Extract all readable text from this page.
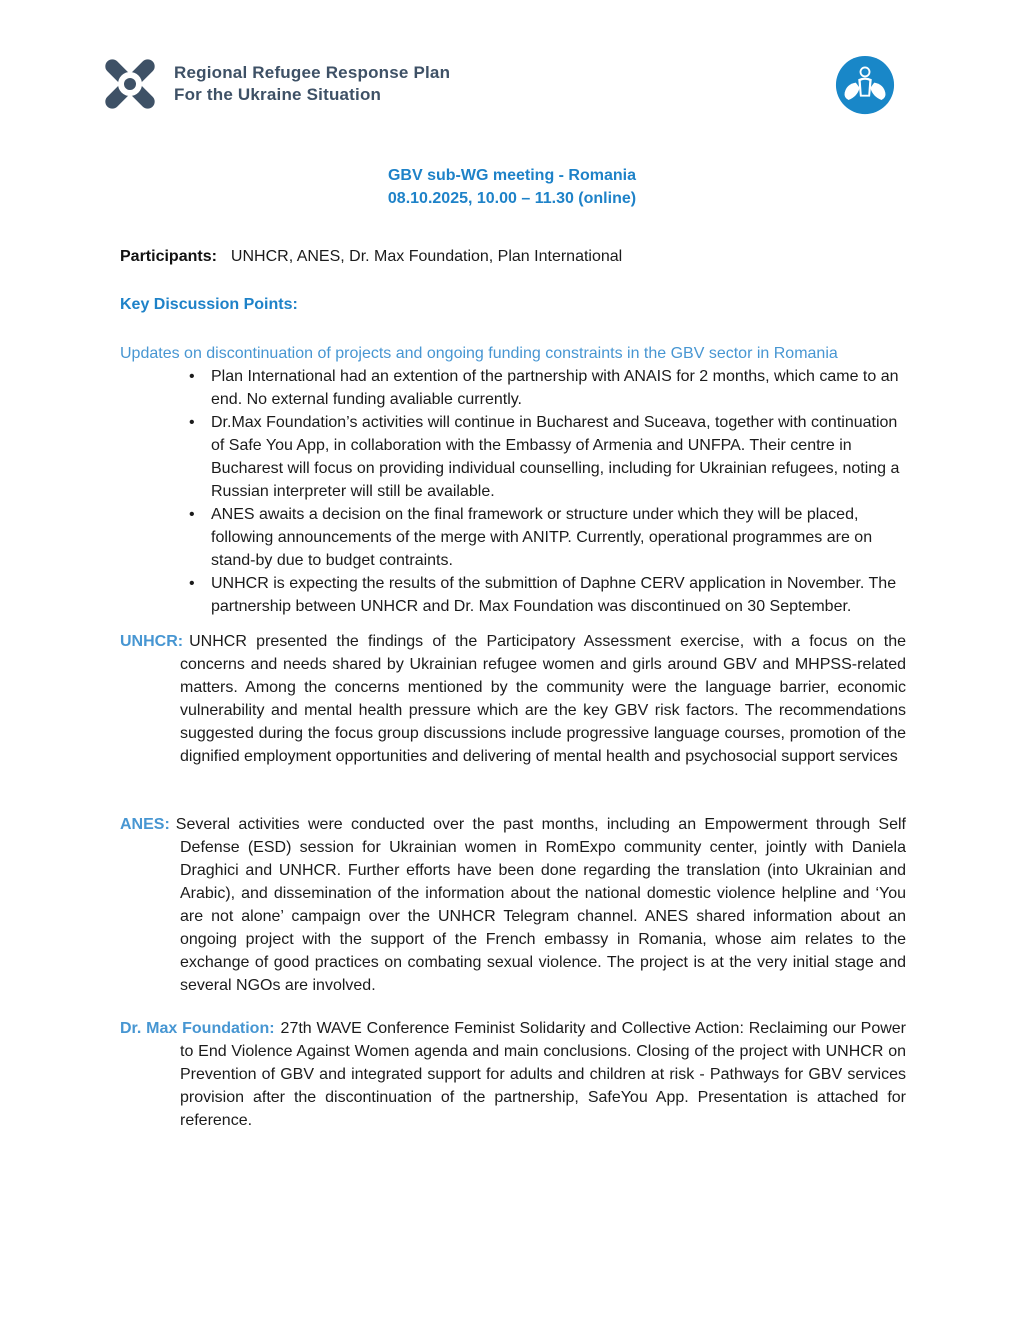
Regional Refugee Response Plan
For the Ukraine Situation
GBV sub-WG meeting - Romania
08.10.2025, 10.00 – 11.30 (online)
Participants: UNHCR, ANES, Dr. Max Foundation, Plan International
Key Discussion Points:
Updates on discontinuation of projects and ongoing funding constraints in the GBV sector in Romania
• Plan International had an extention of the partnership with ANAIS for 2 months, which came to an end. No external funding avaliable currently.
• Dr.Max Foundation’s activities will continue in Bucharest and Suceava, together with continuation of Safe You App, in collaboration with the Embassy of Armenia and UNFPA. Their centre in Bucharest will focus on providing individual counselling, including for Ukrainian refugees, noting a Russian interpreter will still be available.
• ANES awaits a decision on the final framework or structure under which they will be placed, following announcements of the merge with ANITP. Currently, operational programmes are on stand-by due to budget contraints.
• UNHCR is expecting the results of the submittion of Daphne CERV application in November. The partnership between UNHCR and Dr. Max Foundation was discontinued on 30 September.
UNHCR: UNHCR presented the findings of the Participatory Assessment exercise, with a focus on the concerns and needs shared by Ukrainian refugee women and girls around GBV and MHPSS-related matters. Among the concerns mentioned by the community were the language barrier, economic vulnerability and mental health pressure which are the key GBV risk factors. The recommendations suggested during the focus group discussions include progressive language courses, promotion of the dignified employment opportunities and delivering of mental health and psychosocial support services
ANES: Several activities were conducted over the past months, including an Empowerment through Self Defense (ESD) session for Ukrainian women in RomExpo community center, jointly with Daniela Draghici and UNHCR. Further efforts have been done regarding the translation (into Ukrainian and Arabic), and dissemination of the information about the national domestic violence helpline and ‘You are not alone’ campaign over the UNHCR Telegram channel. ANES shared information about an ongoing project with the support of the French embassy in Romania, whose aim relates to the exchange of good practices on combating sexual violence. The project is at the very initial stage and several NGOs are involved.
Dr. Max Foundation: 27th WAVE Conference Feminist Solidarity and Collective Action: Reclaiming our Power to End Violence Against Women agenda and main conclusions. Closing of the project with UNHCR on Prevention of GBV and integrated support for adults and children at risk - Pathways for GBV services provision after the discontinuation of the partnership, SafeYou App. Presentation is attached for reference.
